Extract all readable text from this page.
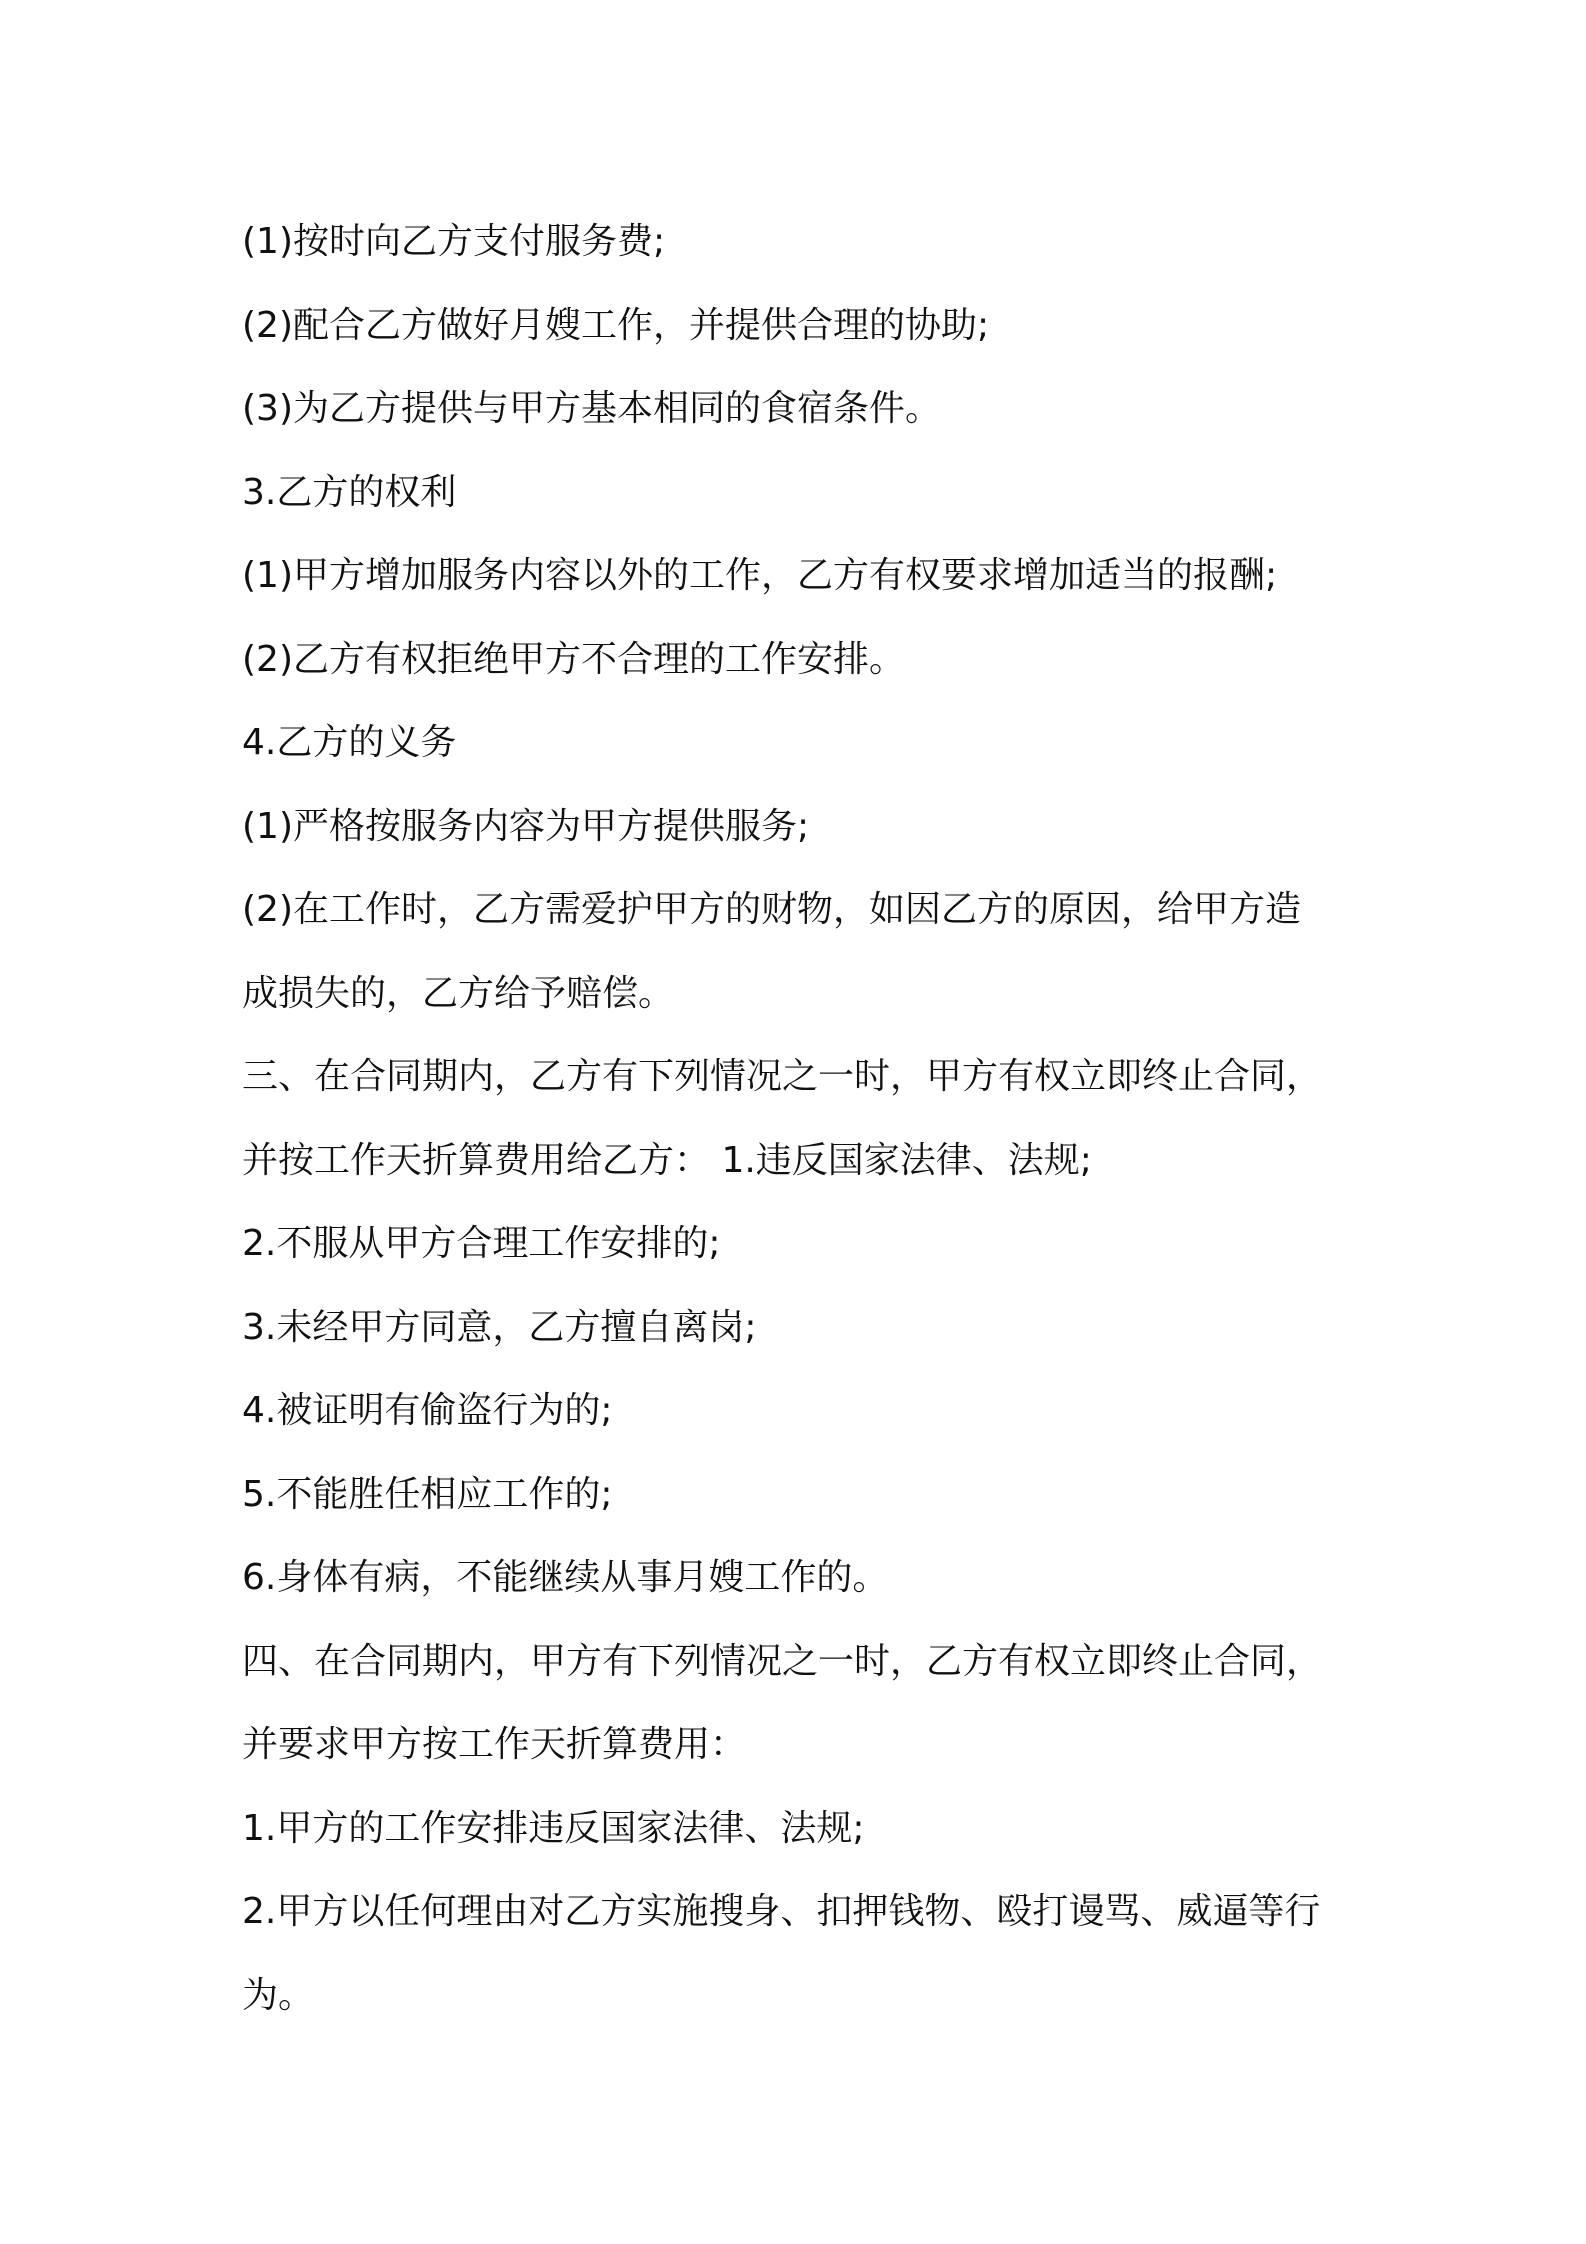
(1)按时向乙方支付服务费;
(2)配合乙方做好月嫂工作，并提供合理的协助;
(3)为乙方提供与甲方基本相同的食宿条件。
3.乙方的权利
(1)甲方增加服务内容以外的工作，乙方有权要求增加适当的报酬;
(2)乙方有权拒绝甲方不合理的工作安排。
4.乙方的义务
(1)严格按服务内容为甲方提供服务;
(2)在工作时，乙方需爱护甲方的财物，如因乙方的原因，给甲方造
成损失的，乙方给予赔偿。
三、在合同期内，乙方有下列情况之一时，甲方有权立即终止合同，
并按工作天折算费用给乙方： 1.违反国家法律、法规;
2.不服从甲方合理工作安排的;
3.未经甲方同意，乙方擅自离岗;
4.被证明有偷盗行为的;
5.不能胜任相应工作的;
6.身体有病，不能继续从事月嫂工作的。
四、在合同期内，甲方有下列情况之一时，乙方有权立即终止合同，
并要求甲方按工作天折算费用：
1.甲方的工作安排违反国家法律、法规;
2.甲方以任何理由对乙方实施搜身、扣押钱物、殴打谩骂、威逼等行
为。
